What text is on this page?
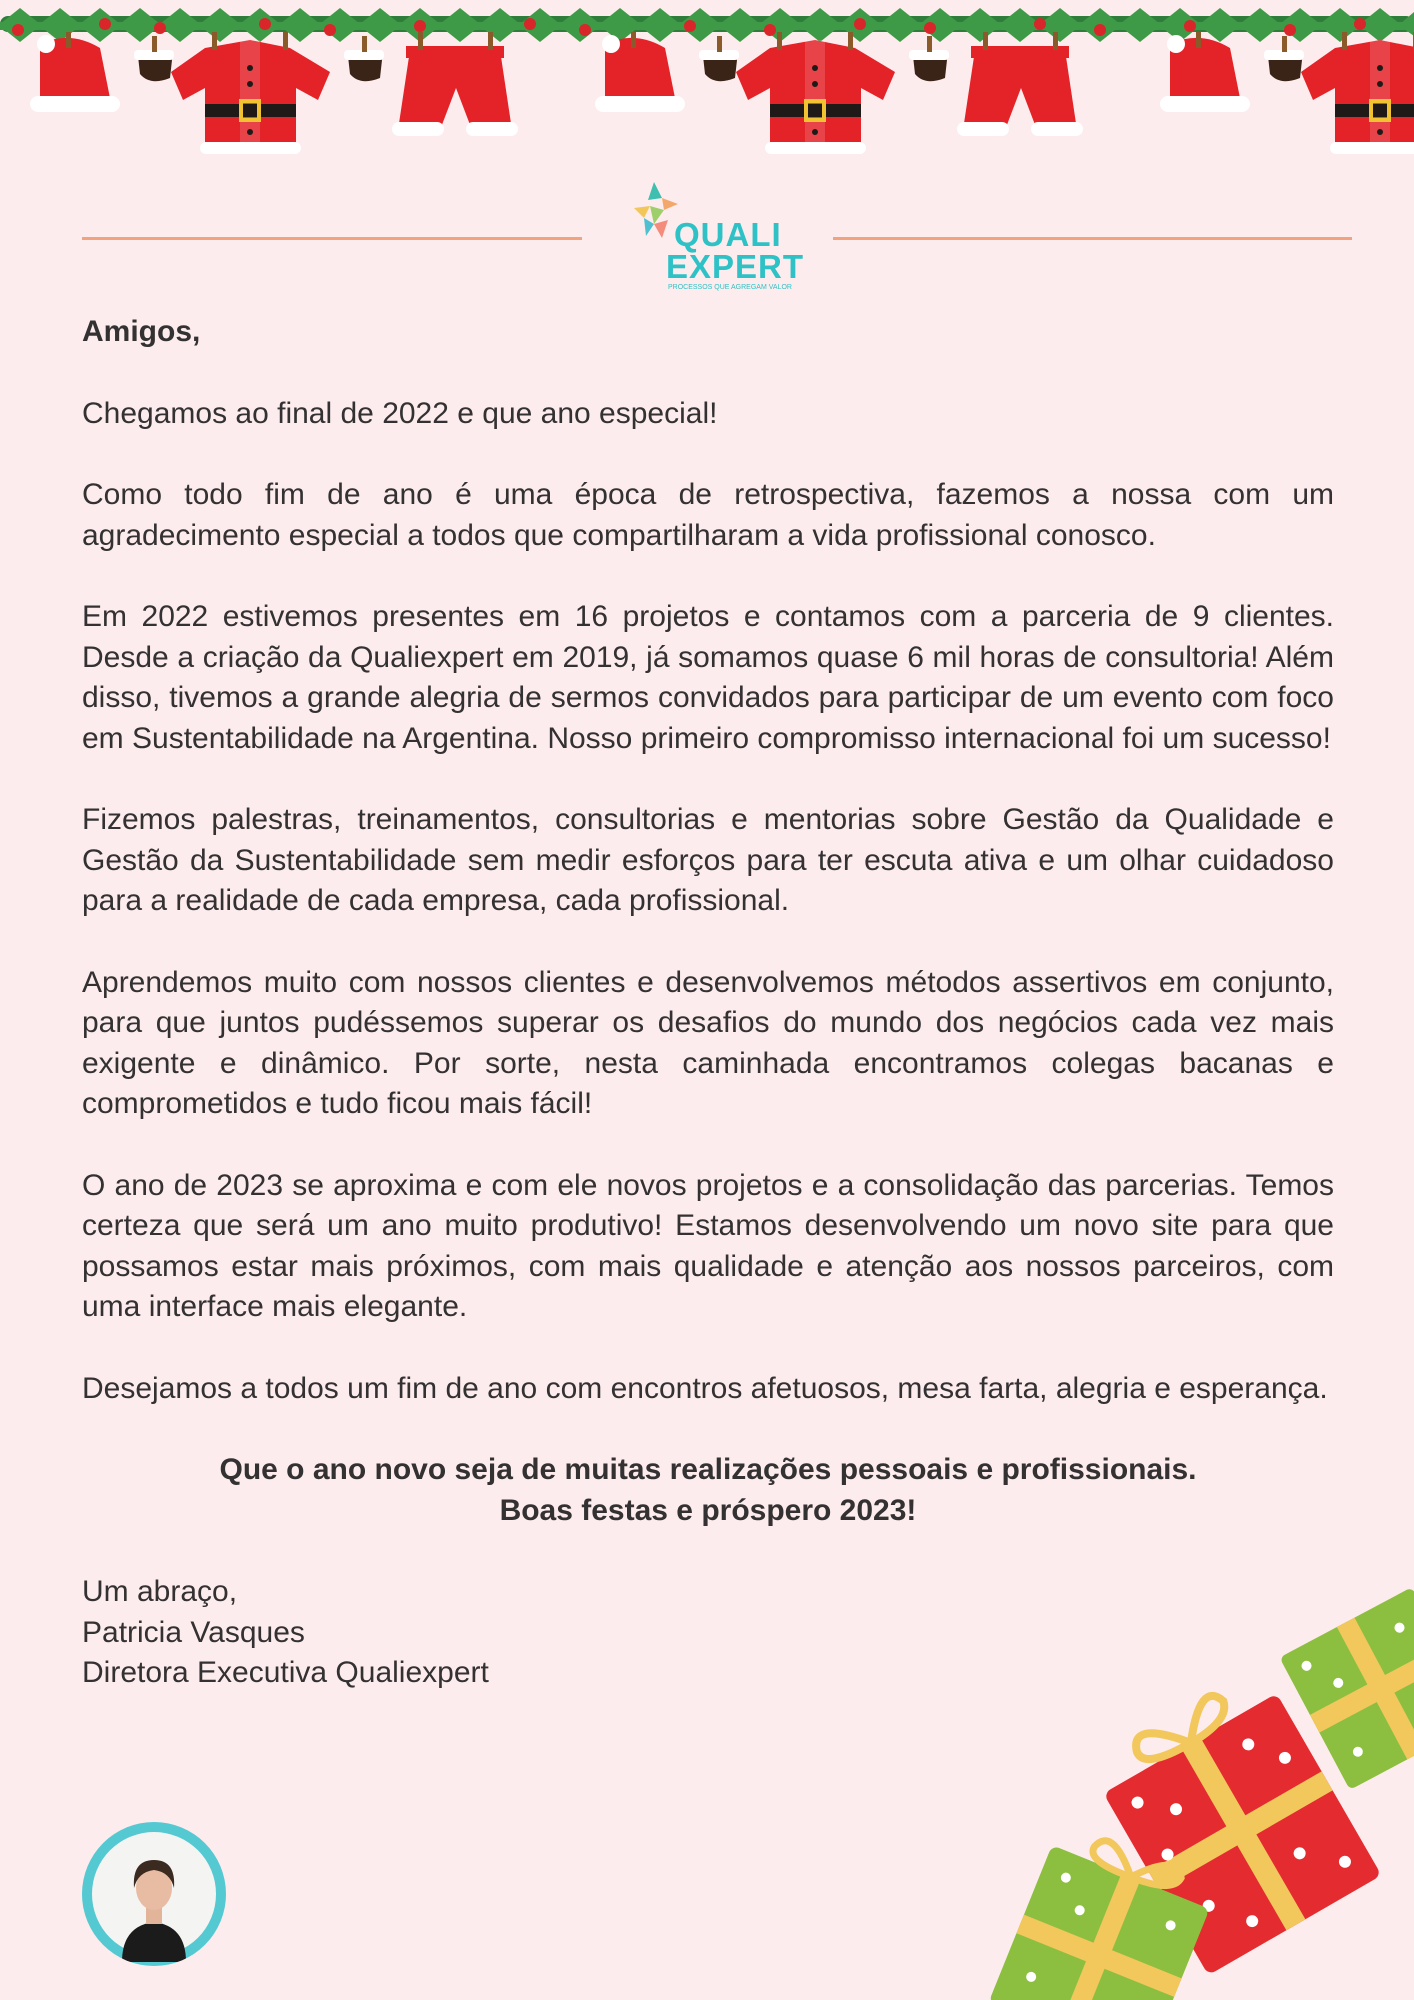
QUALI
EXPERT
PROCESSOS QUE AGREGAM VALOR

Amigos,

Chegamos ao final de 2022 e que ano especial!

Como todo fim de ano é uma época de retrospectiva, fazemos a nossa com um agradecimento especial a todos que compartilharam a vida profissional conosco.

Em 2022 estivemos presentes em 16 projetos e contamos com a parceria de 9 clientes. Desde a criação da Qualiexpert em 2019, já somamos quase 6 mil horas de consultoria! Além disso, tivemos a grande alegria de sermos convidados para participar de um evento com foco em Sustentabilidade na Argentina. Nosso primeiro compromisso internacional foi um sucesso!

Fizemos palestras, treinamentos, consultorias e mentorias sobre Gestão da Qualidade e Gestão da Sustentabilidade sem medir esforços para ter escuta ativa e um olhar cuidadoso para a realidade de cada empresa, cada profissional.

Aprendemos muito com nossos clientes e desenvolvemos métodos assertivos em conjunto, para que juntos pudéssemos superar os desafios do mundo dos negócios cada vez mais exigente e dinâmico. Por sorte, nesta caminhada encontramos colegas bacanas e comprometidos e tudo ficou mais fácil!

O ano de 2023 se aproxima e com ele novos projetos e a consolidação das parcerias. Temos certeza que será um ano muito produtivo! Estamos desenvolvendo um novo site para que possamos estar mais próximos, com mais qualidade e atenção aos nossos parceiros, com uma interface mais elegante.

Desejamos a todos um fim de ano com encontros afetuosos, mesa farta, alegria e esperança.

Que o ano novo seja de muitas realizações pessoais e profissionais.
Boas festas e próspero 2023!

Um abraço,

Patricia Vasques

Diretora Executiva Qualiexpert
